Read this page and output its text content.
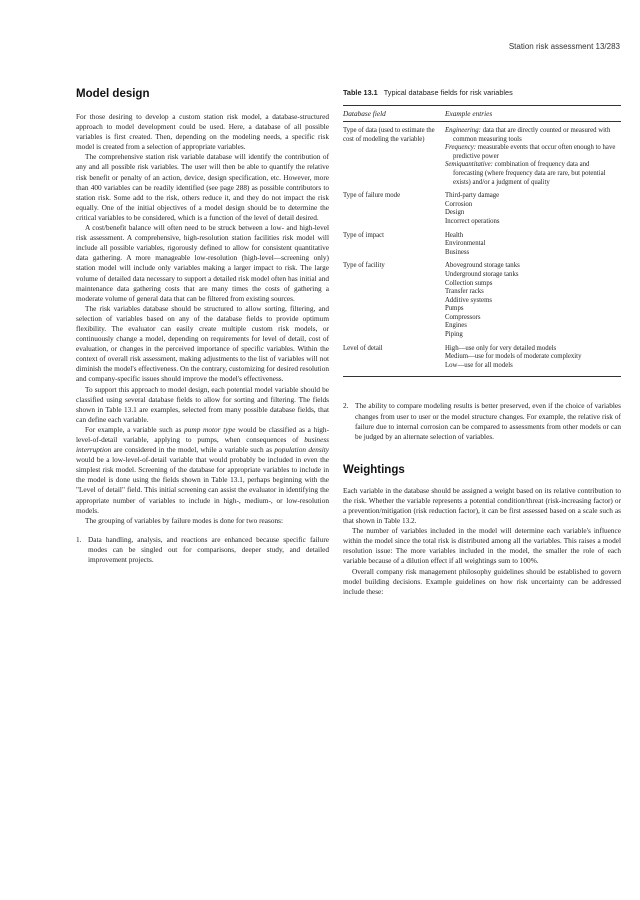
Station risk assessment 13/283
Model design

For those desiring to develop a custom station risk model, a database-structured approach to model development could be used. Here, a database of all possible variables is first created. Then, depending on the modeling needs, a specific risk model is created from a selection of appropriate variables.

The comprehensive station risk variable database will identify the contribution of any and all possible risk variables. The user will then be able to quantify the relative risk benefit or penalty of an action, device, design specification, etc. However, more than 400 variables can be readily identified (see page 288) as possible contributors to station risk. Some add to the risk, others reduce it, and they do not impact the risk equally. One of the initial objectives of a model design should be to determine the critical variables to be considered, which is a function of the level of detail desired.

A cost/benefit balance will often need to be struck between a low- and high-level risk assessment. A comprehensive, high-resolution station facilities risk model will include all possible variables, rigorously defined to allow for consistent quantitative data gathering. A more manageable low-resolution (high-level—screening only) station model will include only variables making a larger impact to risk. The large volume of detailed data necessary to support a detailed risk model often has initial and maintenance data gathering costs that are many times the costs of gathering a moderate volume of general data that can be filtered from existing sources.

The risk variables database should be structured to allow sorting, filtering, and selection of variables based on any of the database fields to provide optimum flexibility. The evaluator can easily create multiple custom risk models, or continuously change a model, depending on requirements for level of detail, cost of evaluation, or changes in the perceived importance of specific variables. Within the context of overall risk assessment, making adjustments to the list of variables will not diminish the model's effectiveness. On the contrary, customizing for desired resolution and company-specific issues should improve the model's effectiveness.

To support this approach to model design, each potential model variable should be classified using several database fields to allow for sorting and filtering. The fields shown in Table 13.1 are examples, selected from many possible database fields, that can define each variable.

For example, a variable such as pump motor type would be classified as a high-level-of-detail variable, applying to pumps, when consequences of business interruption are considered in the model, while a variable such as population density would be a low-level-of-detail variable that would probably be included in even the simplest risk model. Screening of the database for appropriate variables to include in the model is done using the fields shown in Table 13.1, perhaps beginning with the "Level of detail" field. This initial screening can assist the evaluator in identifying the appropriate number of variables to include in high-, medium-, or low-resolution models.

The grouping of variables by failure modes is done for two reasons:

1. Data handling, analysis, and reactions are enhanced because specific failure modes can be singled out for comparisons, deeper study, and detailed improvement projects.
Table 13.1 Typical database fields for risk variables
Database field	Example entries
Type of data (used to estimate the cost of modeling the variable)
Engineering: data that are directly counted or measured with common measuring tools
Frequency: measurable events that occur often enough to have predictive power
Semiquantitative: combination of frequency data and forecasting (where frequency data are rare, but potential exists) and/or a judgment of quality
Type of failure mode	Third-party damage
Corrosion
Design
Incorrect operations
Type of impact	Health
Environmental
Business
Type of facility	Aboveground storage tanks
Underground storage tanks
Collection sumps
Transfer racks
Additive systems
Pumps
Compressors
Engines
Piping
Level of detail	High—use only for very detailed models
Medium—use for models of moderate complexity
Low—use for all models
2. The ability to compare modeling results is better preserved, even if the choice of variables changes from user to user or the model structure changes. For example, the relative risk of failure due to internal corrosion can be compared to assessments from other models or can be judged by an alternate selection of variables.
Weightings

Each variable in the database should be assigned a weight based on its relative contribution to the risk. Whether the variable represents a potential condition/threat (risk-increasing factor) or a prevention/mitigation (risk reduction factor), it can be first assessed based on a scale such as that shown in Table 13.2.

The number of variables included in the model will determine each variable's influence within the model since the total risk is distributed among all the variables. This raises a model resolution issue: The more variables included in the model, the smaller the role of each variable because of a dilution effect if all weightings sum to 100%.

Overall company risk management philosophy guidelines should be established to govern model building decisions. Example guidelines on how risk uncertainty can be addressed include these:
